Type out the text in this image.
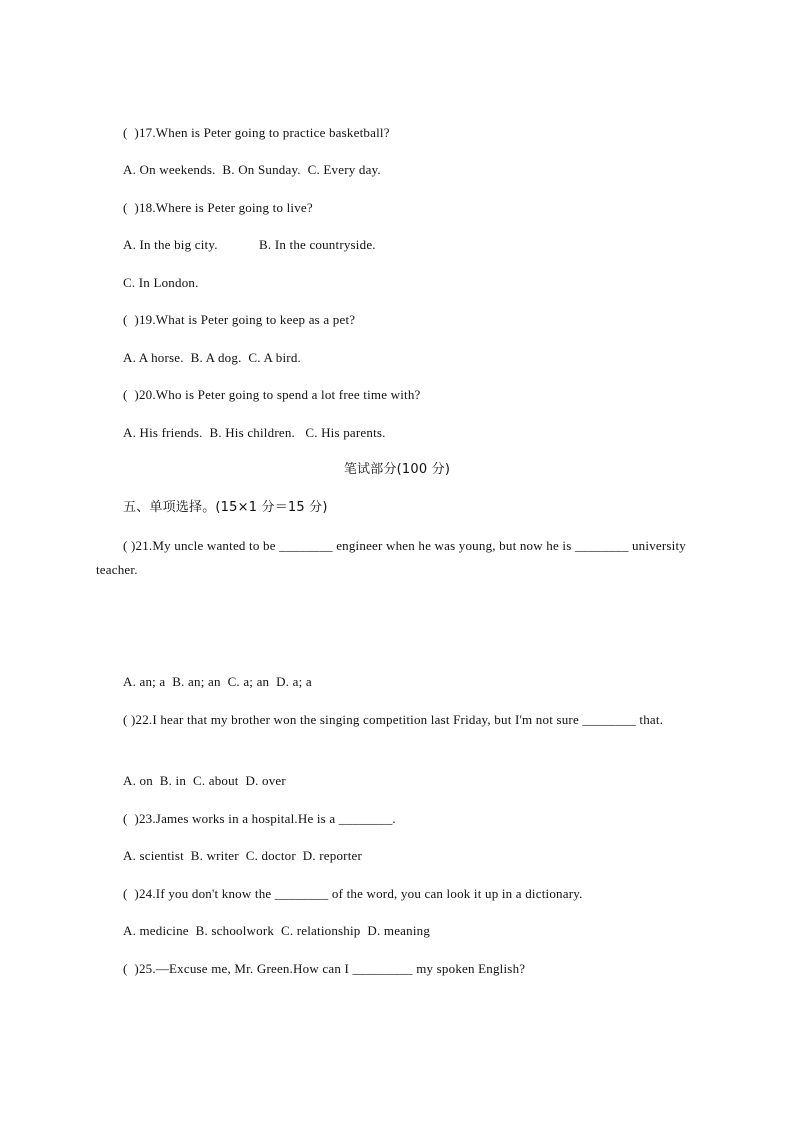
(  )17.When is Peter going to practice basketball?
A. On weekends.  B. On Sunday.  C. Every day.
(  )18.Where is Peter going to live?
A. In the big city.            B. In the countryside.
C. In London.
(  )19.What is Peter going to keep as a pet?
A. A horse.  B. A dog.  C. A bird.
(  )20.Who is Peter going to spend a lot free time with?
A. His friends.  B. His children.   C. His parents.
笔试部分(100 分)
五、单项选择。(15×1 分＝15 分)
( )21.My uncle wanted to be ________ engineer when he was young, but now he is ________ university teacher.
A. an; a  B. an; an  C. a; an  D. a; a
( )22.I hear that my brother won the singing competition last Friday, but I'm not sure ________ that.
A. on  B. in  C. about  D. over
(  )23.James works in a hospital.He is a ________.
A. scientist  B. writer  C. doctor  D. reporter
(  )24.If you don't know the ________ of the word, you can look it up in a dictionary.
A. medicine  B. schoolwork  C. relationship  D. meaning
(  )25.—Excuse me, Mr. Green.How can I _________ my spoken English?
